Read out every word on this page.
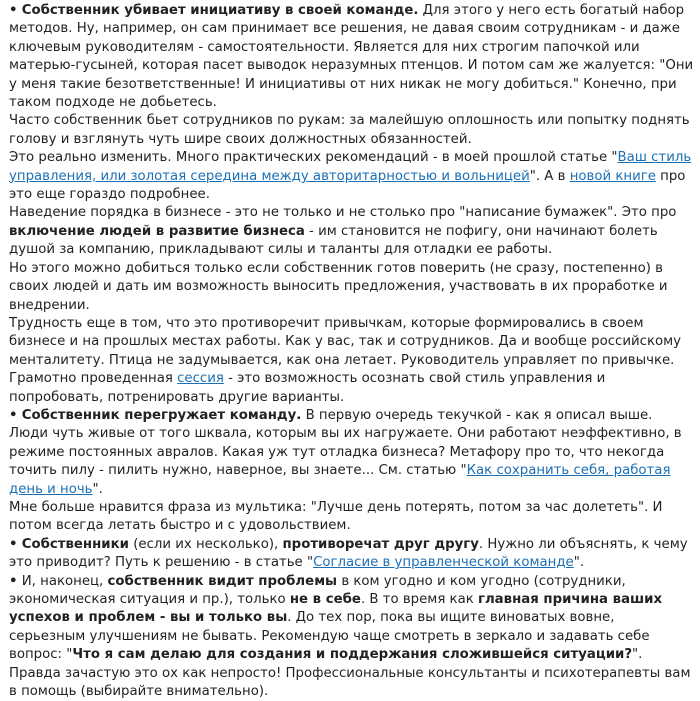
• Собственник убивает инициативу в своей команде. Для этого у него есть богатый набор методов. Ну, например, он сам принимает все решения, не давая своим сотрудникам - и даже ключевым руководителям - самостоятельности. Является для них строгим папочкой или матерью-гусыней, которая пасет выводок неразумных птенцов. И потом сам же жалуется: "Они у меня такие безответственные! И инициативы от них никак не могу добиться." Конечно, при таком подходе не добьетесь.

Часто собственник бьет сотрудников по рукам: за малейшую оплошность или попытку поднять голову и взглянуть чуть шире своих должностных обязанностей.

Это реально изменить. Много практических рекомендаций - в моей прошлой статье "Ваш стиль управления, или золотая середина между авторитарностью и вольницей". А в новой книге про это еще гораздо подробнее.

Наведение порядка в бизнесе - это не только и не столько про "написание бумажек". Это про включение людей в развитие бизнеса - им становится не пофигу, они начинают болеть душой за компанию, прикладывают силы и таланты для отладки ее работы.

Но этого можно добиться только если собственник готов поверить (не сразу, постепенно) в своих людей и дать им возможность выносить предложения, участвовать в их проработке и внедрении.

Трудность еще в том, что это противоречит привычкам, которые формировались в своем бизнесе и на прошлых местах работы. Как у вас, так и сотрудников. Да и вообще российскому менталитету. Птица не задумывается, как она летает. Руководитель управляет по привычке. Грамотно проведенная сессия - это возможность осознать свой стиль управления и попробовать, потренировать другие варианты.

• Собственник перегружает команду. В первую очередь текучкой - как я описал выше. Люди чуть живые от того шквала, которым вы их нагружаете. Они работают неэффективно, в режиме постоянных авралов. Какая уж тут отладка бизнеса? Метафору про то, что некогда точить пилу - пилить нужно, наверное, вы знаете... См. статью "Как сохранить себя, работая день и ночь".

Мне больше нравится фраза из мультика: "Лучше день потерять, потом за час долететь". И потом всегда летать быстро и с удовольствием.

• Собственники (если их несколько), противоречат друг другу. Нужно ли объяснять, к чему это приводит? Путь к решению - в статье "Согласие в управленческой команде".

• И, наконец, собственник видит проблемы в ком угодно и ком угодно (сотрудники, экономическая ситуация и пр.), только не в себе. В то время как главная причина ваших успехов и проблем - вы и только вы. До тех пор, пока вы ищите виноватых вовне, серьезным улучшениям не бывать. Рекомендую чаще смотреть в зеркало и задавать себе вопрос: "Что я сам делаю для создания и поддержания сложившейся ситуации?".

Правда зачастую это ох как непросто! Профессиональные консультанты и психотерапевты вам в помощь (выбирайте внимательно).
